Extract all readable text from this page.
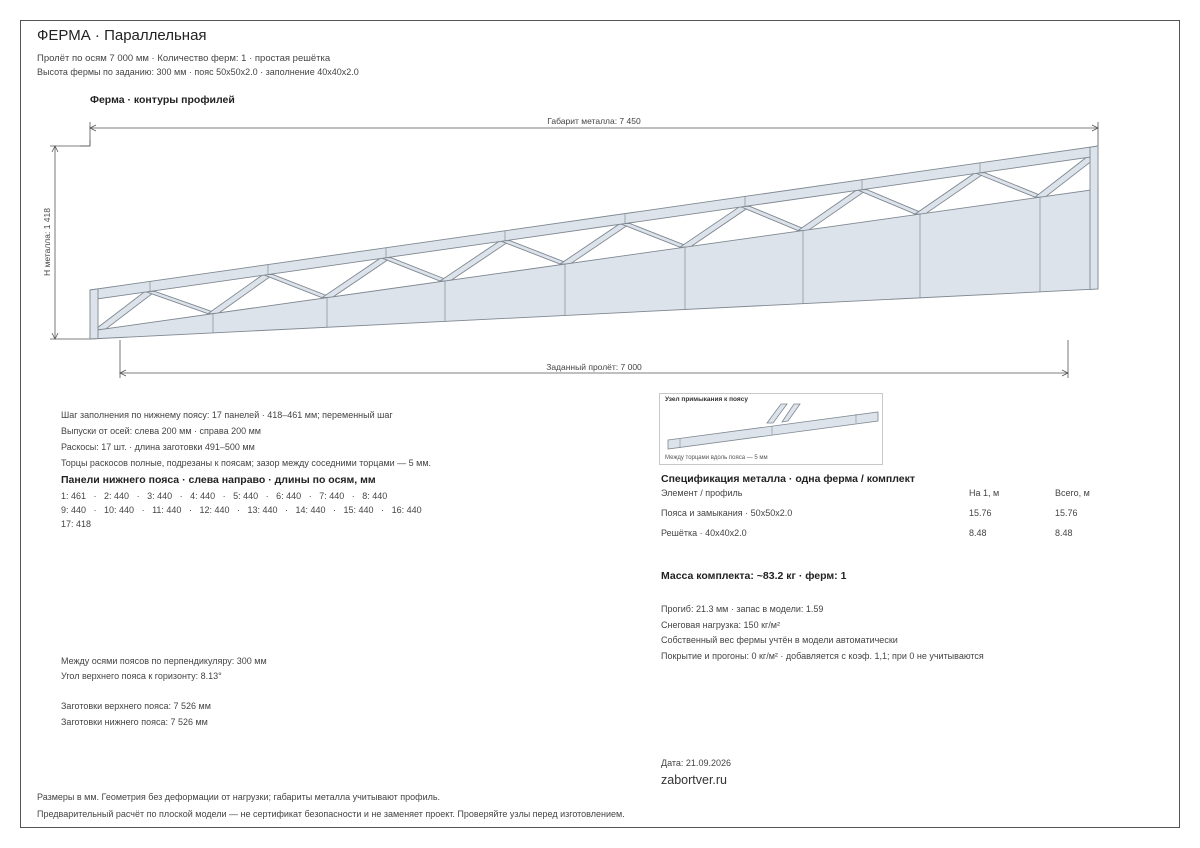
ФЕРМА · Параллельная
Пролёт по осям 7 000 мм · Количество ферм: 1 · простая решётка
Высота фермы по заданию: 300 мм · пояс 50x50x2.0 · заполнение 40x40x2.0
Ферма · контуры профилей
Габарит металла: 7 450
H металла: 1 418
Заданный пролёт: 7 000
Шаг заполнения по нижнему поясу: 17 панелей · 418–461 мм; переменный шаг
Выпуски от осей: слева 200 мм · справа 200 мм
Раскосы: 17 шт. · длина заготовки 491–500 мм
Торцы раскосов полные, подрезаны к поясам; зазор между соседними торцами — 5 мм.
Панели нижнего пояса · слева направо · длины по осям, мм
1: 461 · 2: 440 · 3: 440 · 4: 440 · 5: 440 · 6: 440 · 7: 440 · 8: 440
9: 440 · 10: 440 · 11: 440 · 12: 440 · 13: 440 · 14: 440 · 15: 440 · 16: 440
17: 418
Между осями поясов по перпендикуляру: 300 мм
Угол верхнего пояса к горизонту: 8.13°
Заготовки верхнего пояса: 7 526 мм
Заготовки нижнего пояса: 7 526 мм
Узел примыкания к поясу
Между торцами вдоль пояса — 5 мм
Спецификация металла · одна ферма / комплект
Элемент / профиль	На 1, м	Всего, м
Пояса и замыкания · 50x50x2.0	15.76	15.76
Решётка · 40x40x2.0	8.48	8.48
Масса комплекта: ~83.2 кг · ферм: 1
Прогиб: 21.3 мм · запас в модели: 1.59
Снеговая нагрузка: 150 кг/м²
Собственный вес фермы учтён в модели автоматически
Покрытие и прогоны: 0 кг/м² · добавляется с коэф. 1,1; при 0 не учитываются
Дата: 21.09.2026
zabortver.ru
Размеры в мм. Геометрия без деформации от нагрузки; габариты металла учитывают профиль.
Предварительный расчёт по плоской модели — не сертификат безопасности и не заменяет проект. Проверяйте узлы перед изготовлением.
